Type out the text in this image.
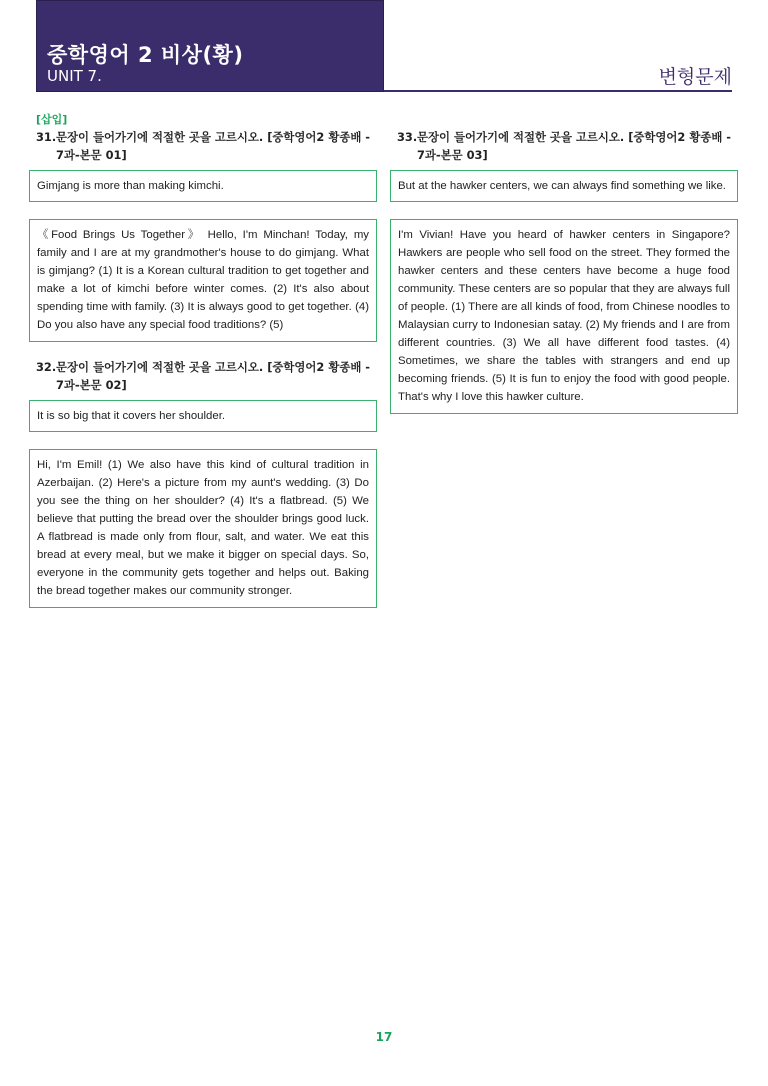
중학영어 2 비상(황)
UNIT 7.	변형문제
[삽입]
31. 문장이 들어가기에 적절한 곳을 고르시오. [중학영어2 황종배 - 7과-본문 01]
Gimjang is more than making kimchi.
《Food Brings Us Together》 Hello, I'm Minchan! Today, my family and I are at my grandmother's house to do gimjang. What is gimjang? (1) It is a Korean cultural tradition to get together and make a lot of kimchi before winter comes. (2) It's also about spending time with family. (3) It is always good to get together. (4) Do you also have any special food traditions? (5)
32. 문장이 들어가기에 적절한 곳을 고르시오. [중학영어2 황종배 - 7과-본문 02]
It is so big that it covers her shoulder.
Hi, I'm Emil! (1) We also have this kind of cultural tradition in Azerbaijan. (2) Here's a picture from my aunt's wedding. (3) Do you see the thing on her shoulder? (4) It's a flatbread. (5) We believe that putting the bread over the shoulder brings good luck. A flatbread is made only from flour, salt, and water. We eat this bread at every meal, but we make it bigger on special days. So, everyone in the community gets together and helps out. Baking the bread together makes our community stronger.
33. 문장이 들어가기에 적절한 곳을 고르시오. [중학영어2 황종배 - 7과-본문 03]
But at the hawker centers, we can always find something we like.
I'm Vivian! Have you heard of hawker centers in Singapore? Hawkers are people who sell food on the street. They formed the hawker centers and these centers have become a huge food community. These centers are so popular that they are always full of people. (1) There are all kinds of food, from Chinese noodles to Malaysian curry to Indonesian satay. (2) My friends and I are from different countries. (3) We all have different food tastes. (4) Sometimes, we share the tables with strangers and end up becoming friends. (5) It is fun to enjoy the food with good people. That's why I love this hawker culture.
17
